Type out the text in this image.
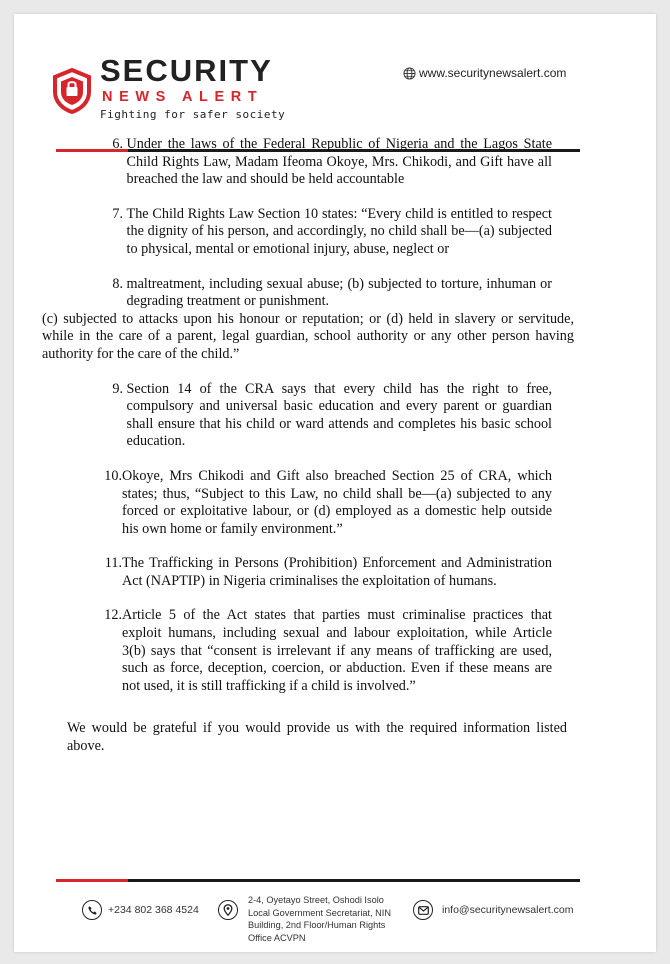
SECURITY
NEWS ALERT
Fighting for safer society
www.securitynewsalert.com
6.
Under the laws of the Federal Republic of Nigeria and the Lagos State Child Rights Law, Madam Ifeoma Okoye, Mrs. Chikodi, and Gift have all breached the law and should be held accountable
7.
The Child Rights Law Section 10 states: “Every child is entitled to respect the dignity of his person, and accordingly, no child shall be—(a) subjected to physical, mental or emotional injury, abuse, neglect or
8.
maltreatment, including sexual abuse; (b) subjected to torture, inhuman or degrading treatment or punishment.
(c) subjected to attacks upon his honour or reputation; or (d) held in slavery or servitude, while in the care of a parent, legal guardian, school authority or any other person having authority for the care of the child.”
9.
Section 14 of the CRA says that every child has the right to free, compulsory and universal basic education and every parent or guardian shall ensure that his child or ward attends and completes his basic school education.
10. Okoye, Mrs Chikodi and Gift also breached Section 25 of CRA, which states; thus, “Subject to this Law, no child shall be—(a) subjected to any forced or exploitative labour, or (d) employed as a domestic help outside his own home or family environment.”
11. The Trafficking in Persons (Prohibition) Enforcement and Administration Act (NAPTIP) in Nigeria criminalises the exploitation of humans.
12. Article 5 of the Act states that parties must criminalise practices that exploit humans, including sexual and labour exploitation, while Article 3(b) says that “consent is irrelevant if any means of trafficking are used, such as force, deception, coercion, or abduction. Even if these means are not used, it is still trafficking if a child is involved.”
We would be grateful if you would provide us with the required information listed above.
+234 802 368 4524
2-4, Oyetayo Street, Oshodi Isolo
Local Government Secretariat, NIN
Building, 2nd Floor/Human Rights
Office ACVPN
info@securitynewsalert.com
